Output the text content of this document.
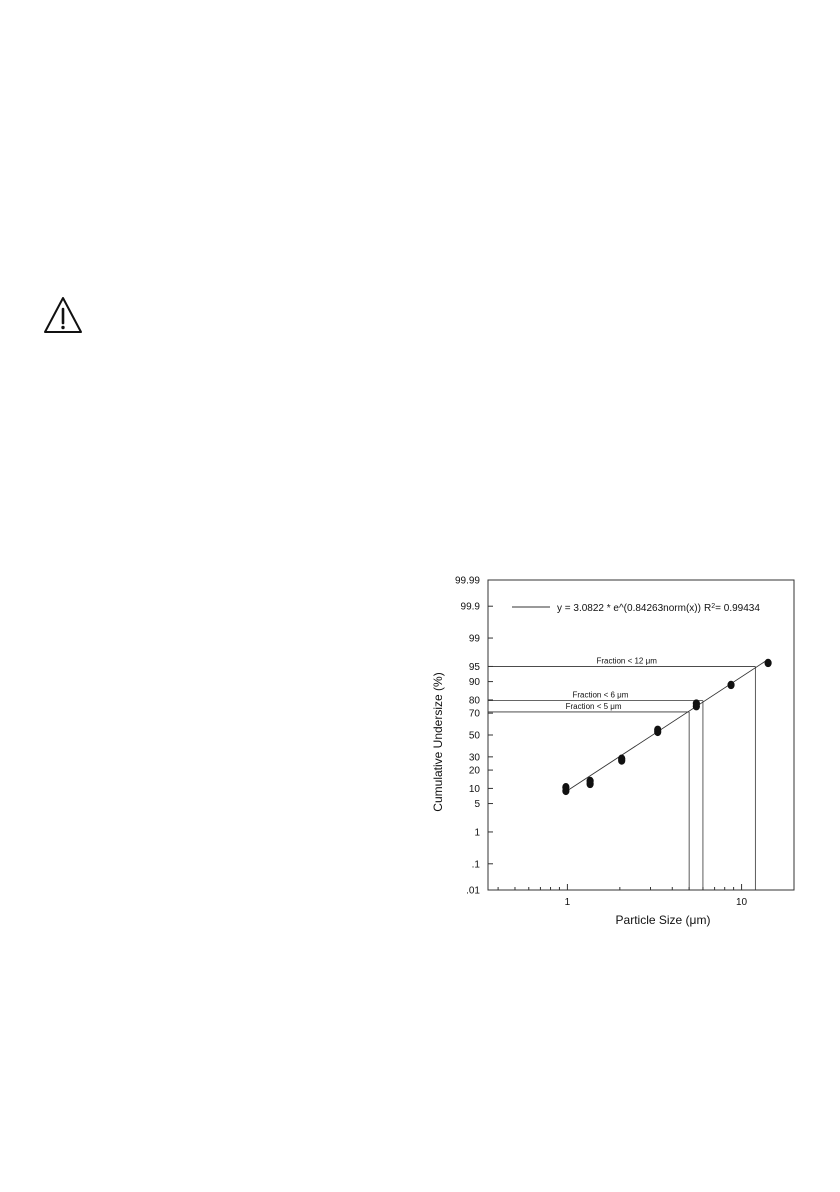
.01
.1
1
5
10
20
30
50
70
80
90
95
99
99.9
99.99
1	10
Fraction < 12 μm
Fraction < 6 μm
Fraction < 5 μm
y = 3.0822 * e^(0.84263norm(x)) $R^2= 0.99434$
Particle Size (μm)
Cumulative Undersize (%)
